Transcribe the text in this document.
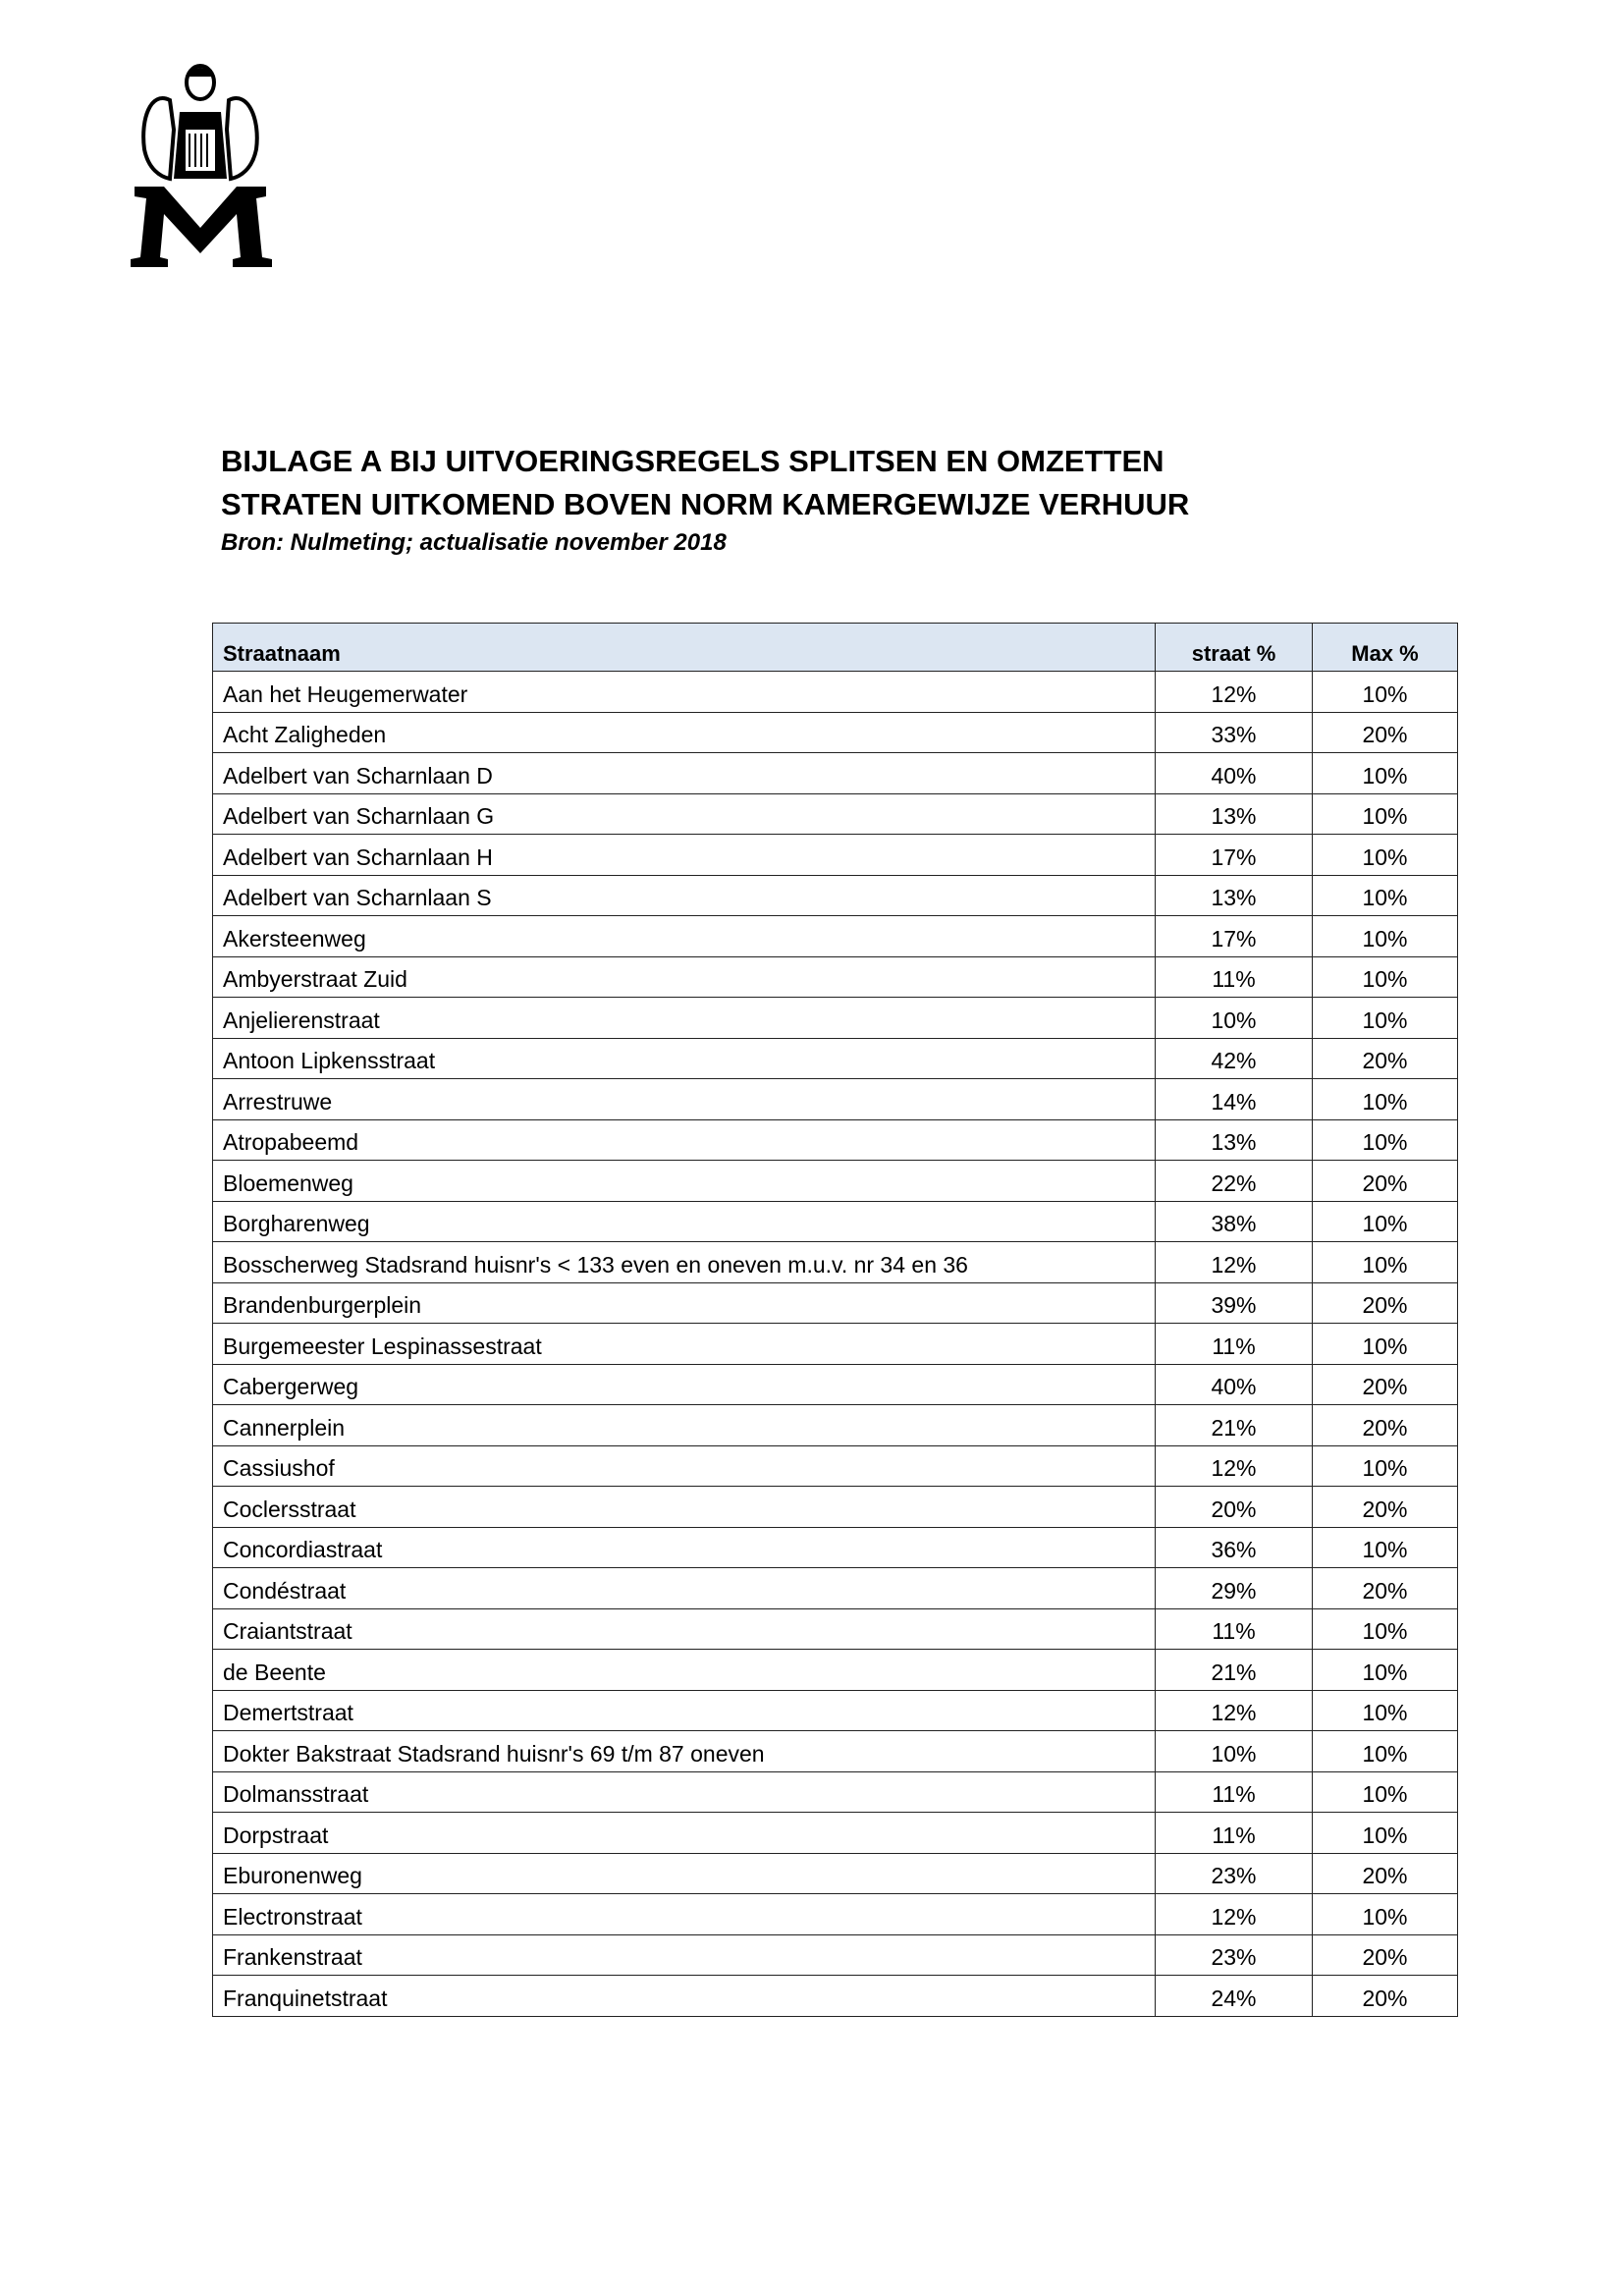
BIJLAGE A BIJ UITVOERINGSREGELS SPLITSEN EN OMZETTEN

STRATEN UITKOMEND BOVEN NORM KAMERGEWIJZE VERHUUR

Bron: Nulmeting; actualisatie november 2018

Straatnaam	straat %	Max %
Aan het Heugemerwater	12%	10%
Acht Zaligheden	33%	20%
Adelbert van Scharnlaan D	40%	10%
Adelbert van Scharnlaan G	13%	10%
Adelbert van Scharnlaan H	17%	10%
Adelbert van Scharnlaan S	13%	10%
Akersteenweg	17%	10%
Ambyerstraat Zuid	11%	10%
Anjelierenstraat	10%	10%
Antoon Lipkensstraat	42%	20%
Arrestruwe	14%	10%
Atropabeemd	13%	10%
Bloemenweg	22%	20%
Borgharenweg	38%	10%
Bosscherweg Stadsrand huisnr's < 133 even en oneven m.u.v. nr 34 en 36	12%	10%
Brandenburgerplein	39%	20%
Burgemeester Lespinassestraat	11%	10%
Cabergerweg	40%	20%
Cannerplein	21%	20%
Cassiushof	12%	10%
Coclersstraat	20%	20%
Concordiastraat	36%	10%
Condéstraat	29%	20%
Craiantstraat	11%	10%
de Beente	21%	10%
Demertstraat	12%	10%
Dokter Bakstraat Stadsrand huisnr's 69 t/m 87 oneven	10%	10%
Dolmansstraat	11%	10%
Dorpstraat	11%	10%
Eburonenweg	23%	20%
Electronstraat	12%	10%
Frankenstraat	23%	20%
Franquinetstraat	24%	20%
